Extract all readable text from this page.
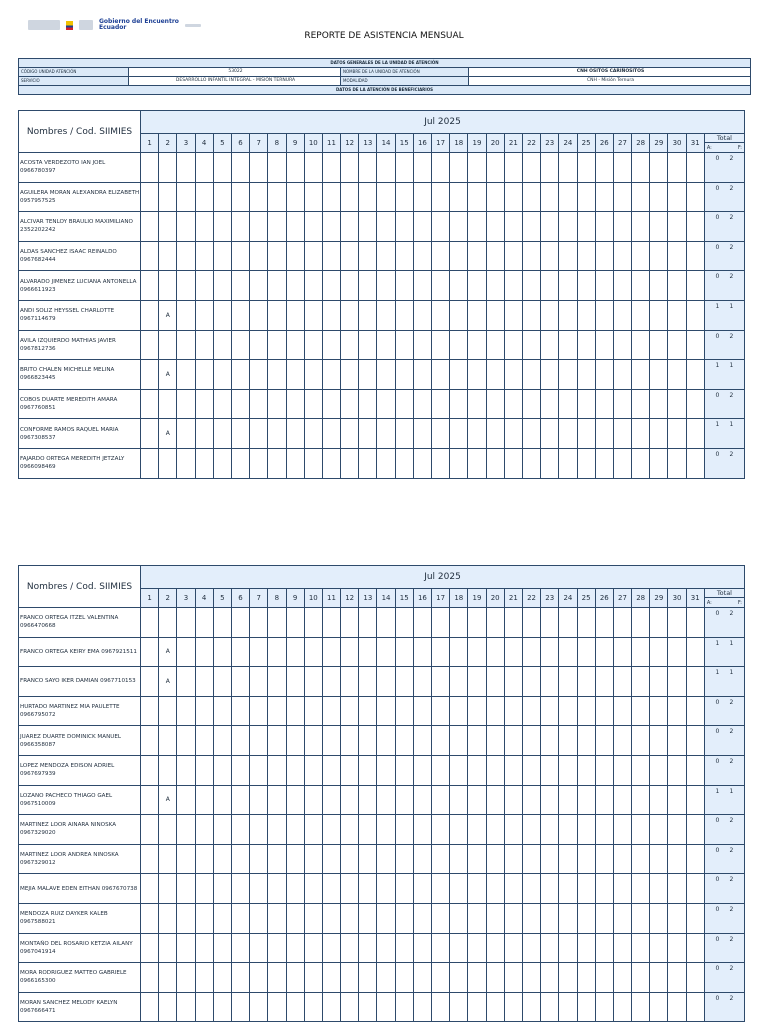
Gobierno del Encuentro
Ecuador
REPORTE DE ASISTENCIA MENSUAL
DATOS GENERALES DE LA UNIDAD DE ATENCIÓN			
CÓDIGO UNIDAD ATENCIÓN	53022	NOMBRE DE LA UNIDAD DE ATENCIÓN	CNH OSITOS CARIÑOSITOS
SERVICIO	DESARROLLO INFANTIL INTEGRAL - MISIÓN TERNURA	MODALIDAD	CNH - Misión Ternura
DATOS DE LA ATENCIÓN DE BENEFICIARIOS			
Nombres / Cod. SIIMIES	Jul 2025																															
	1	2	3	4	5	6	7	8	9	10	11	12	13	14	15	16	17	18	19	20	21	22	23	24	25	26	27	28	29	30	31	Total

																																A: F:

ACOSTA VERDEZOTO IAN JOEL 0966780397																																0 2
AGUILERA MORAN ALEXANDRA ELIZABETH 0957957525																																0 2
ALCIVAR TENLOY BRAULIO MAXIMILIANO 2352202242																																0 2
ALDAS SANCHEZ ISAAC REINALDO 0967682444																																0 2
ALVARADO JIMENEZ LUCIANA ANTONELLA 0966611923																																0 2
ANDI SOLIZ HEYSSEL CHARLOTTE 0967114679		A																														1 1
AVILA IZQUIERDO MATHIAS JAVIER 0967812736																																0 2
BRITO CHALEN MICHELLE MELINA 0966823445		A																														1 1
COBOS DUARTE MEREDITH AMARA 0967760851																																0 2
CONFORME RAMOS RAQUEL MARIA 0967308537		A																														1 1
FAJARDO ORTEGA MEREDITH JETZALY 0966098469																																0 2
Nombres / Cod. SIIMIES	Jul 2025																															
	1	2	3	4	5	6	7	8	9	10	11	12	13	14	15	16	17	18	19	20	21	22	23	24	25	26	27	28	29	30	31	Total

																																A: F:

FRANCO ORTEGA ITZEL VALENTINA 0966470668																																0 2
FRANCO ORTEGA KEIRY EMA 0967921511		A																														1 1
FRANCO SAYO IKER DAMIAN 0967710153		A																														1 1
HURTADO MARTINEZ MIA PAULETTE 0966795072																																0 2
JUAREZ DUARTE DOMINICK MANUEL 0966358087																																0 2
LOPEZ MENDOZA EDISON ADRIEL 0967697939																																0 2
LOZANO PACHECO THIAGO GAEL 0967510009		A																														1 1
MARTINEZ LOOR AINARA NINOSKA 0967329020																																0 2
MARTINEZ LOOR ANDREA NINOSKA 0967329012																																0 2
MEJIA MALAVE EDEN EITHAN 0967670738																																0 2
MENDOZA RUIZ DAYKER KALEB 0967588021																																0 2
MONTAÑO DEL ROSARIO KETZIA AILANY 0967041914																																0 2
MORA RODRIGUEZ MATTEO GABRIELE 0966165300																																0 2
MORAN SANCHEZ MELODY KAELYN 0967666471																																0 2
